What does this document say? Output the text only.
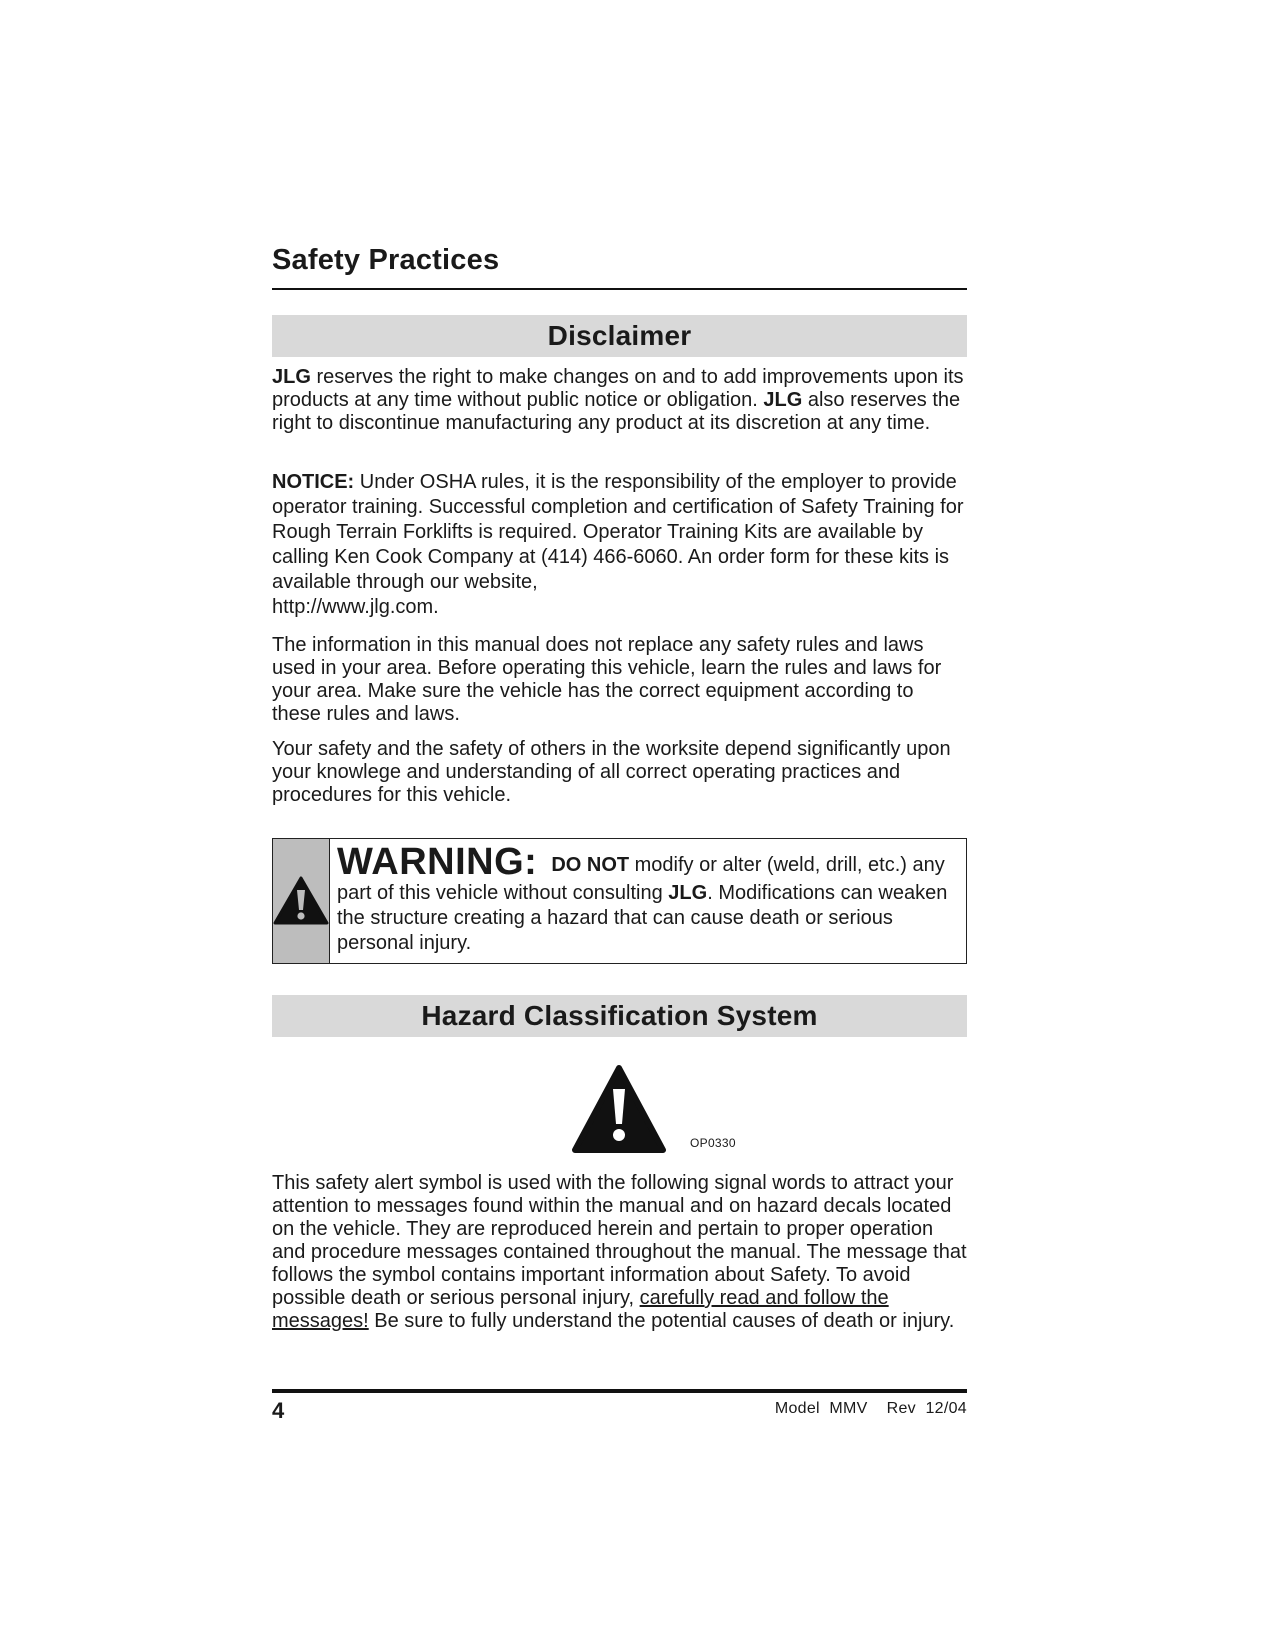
Safety Practices
Disclaimer

JLG reserves the right to make changes on and to add improvements upon its products at any time without public notice or obligation. JLG also reserves the right to discontinue manufacturing any product at its discretion at any time.

NOTICE: Under OSHA rules, it is the responsibility of the employer to provide operator training. Successful completion and certification of Safety Training for Rough Terrain Forklifts is required. Operator Training Kits are available by calling Ken Cook Company at (414) 466-6060. An order form for these kits is available through our website,
http://www.jlg.com.

The information in this manual does not replace any safety rules and laws used in your area. Before operating this vehicle, learn the rules and laws for your area. Make sure the vehicle has the correct equipment according to these rules and laws.

Your safety and the safety of others in the worksite depend significantly upon your knowlege and understanding of all correct operating practices and procedures for this vehicle.

WARNING: DO NOT modify or alter (weld, drill, etc.) any part of this vehicle without consulting JLG. Modifications can weaken the structure creating a hazard that can cause death or serious personal injury.
Hazard Classification System
OP0330

This safety alert symbol is used with the following signal words to attract your attention to messages found within the manual and on hazard decals located on the vehicle. They are reproduced herein and pertain to proper operation and procedure messages contained throughout the manual. The message that follows the symbol contains important information about Safety. To avoid possible death or serious personal injury, carefully read and follow the messages! Be sure to fully understand the potential causes of death or injury.

4	Model  MMV    Rev  12/04
